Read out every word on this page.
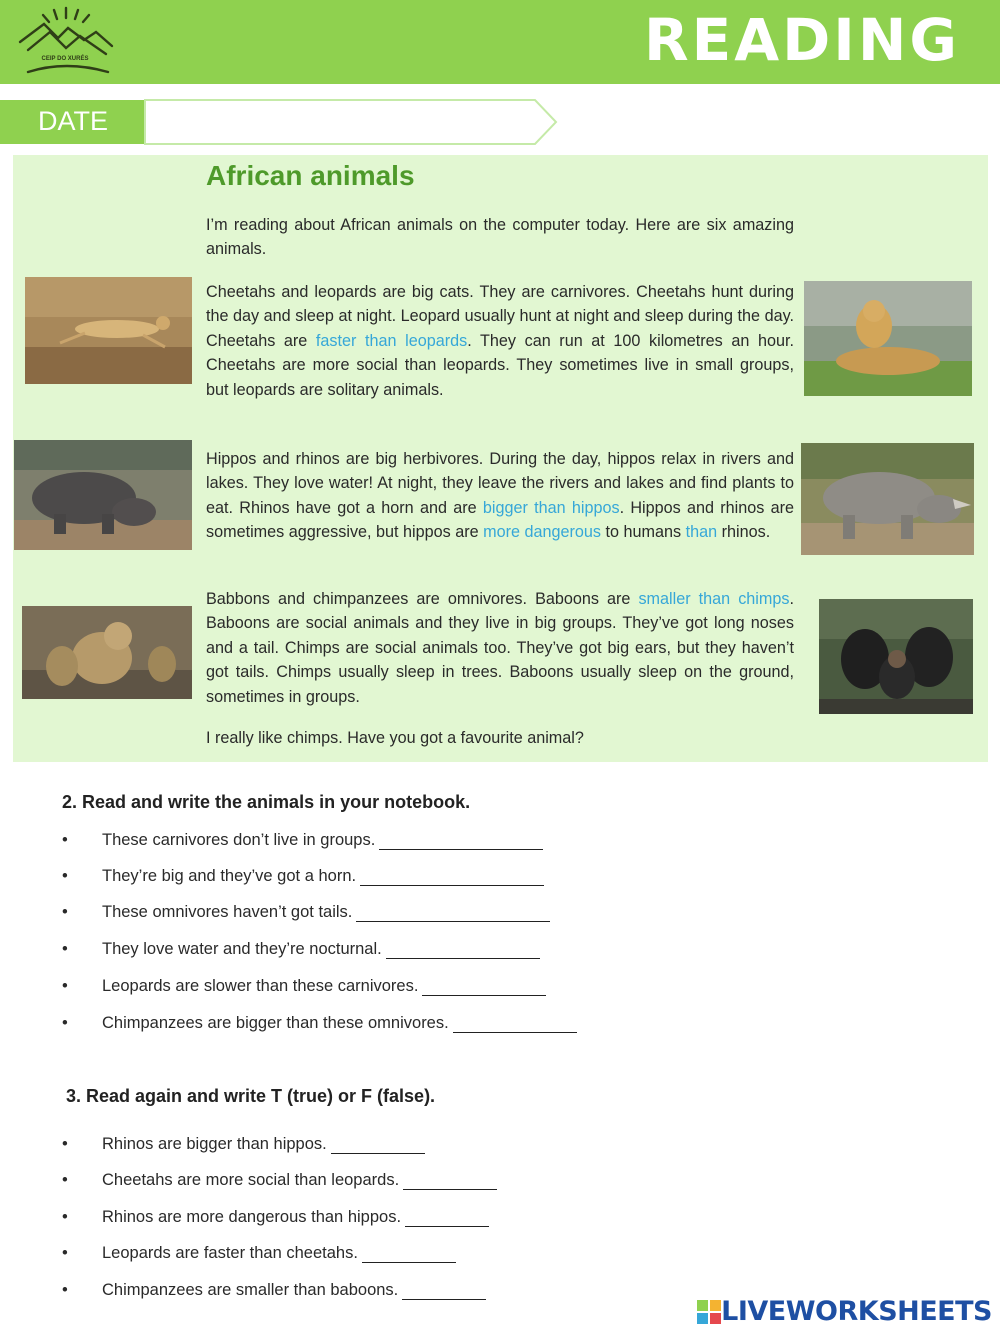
CEIP DO XURÉS	READING
DATE
African animals

I’m reading about African animals on the computer today. Here are six amazing animals.

Cheetahs and leopards are big cats. They are carnivores. Cheetahs hunt during the day and sleep at night. Leopard usually hunt at night and sleep during the day. Cheetahs are faster than leopards. They can run at 100 kilometres an hour. Cheetahs are more social than leopards. They sometimes live in small groups, but leopards are solitary animals.

Hippos and rhinos are big herbivores. During the day, hippos relax in rivers and lakes. They love water! At night, they leave the rivers and lakes and find plants to eat. Rhinos have got a horn and are bigger than hippos. Hippos and rhinos are sometimes aggressive, but hippos are more dangerous to humans than rhinos.

Babbons and chimpanzees are omnivores. Baboons are smaller than chimps. Baboons are social animals and they live in big groups. They’ve got long noses and a tail. Chimps are social animals too. They’ve got big ears, but they haven’t got tails. Chimps usually sleep in trees. Baboons usually sleep on the ground, sometimes in groups.

I really like chimps. Have you got a favourite animal?

2. Read and write the animals in your notebook.
• These carnivores don’t live in groups.
• They’re big and they’ve got a horn.
• These omnivores haven’t got tails.
• They love water and they’re nocturnal.
• Leopards are slower than these carnivores.
• Chimpanzees are bigger than these omnivores.
3. Read again and write T (true) or F (false).
• Rhinos are bigger than hippos.
• Cheetahs are more social than leopards.
• Rhinos are more dangerous than hippos.
• Leopards are faster than cheetahs.
• Chimpanzees are smaller than baboons.
LIVEWORKSHEETS
